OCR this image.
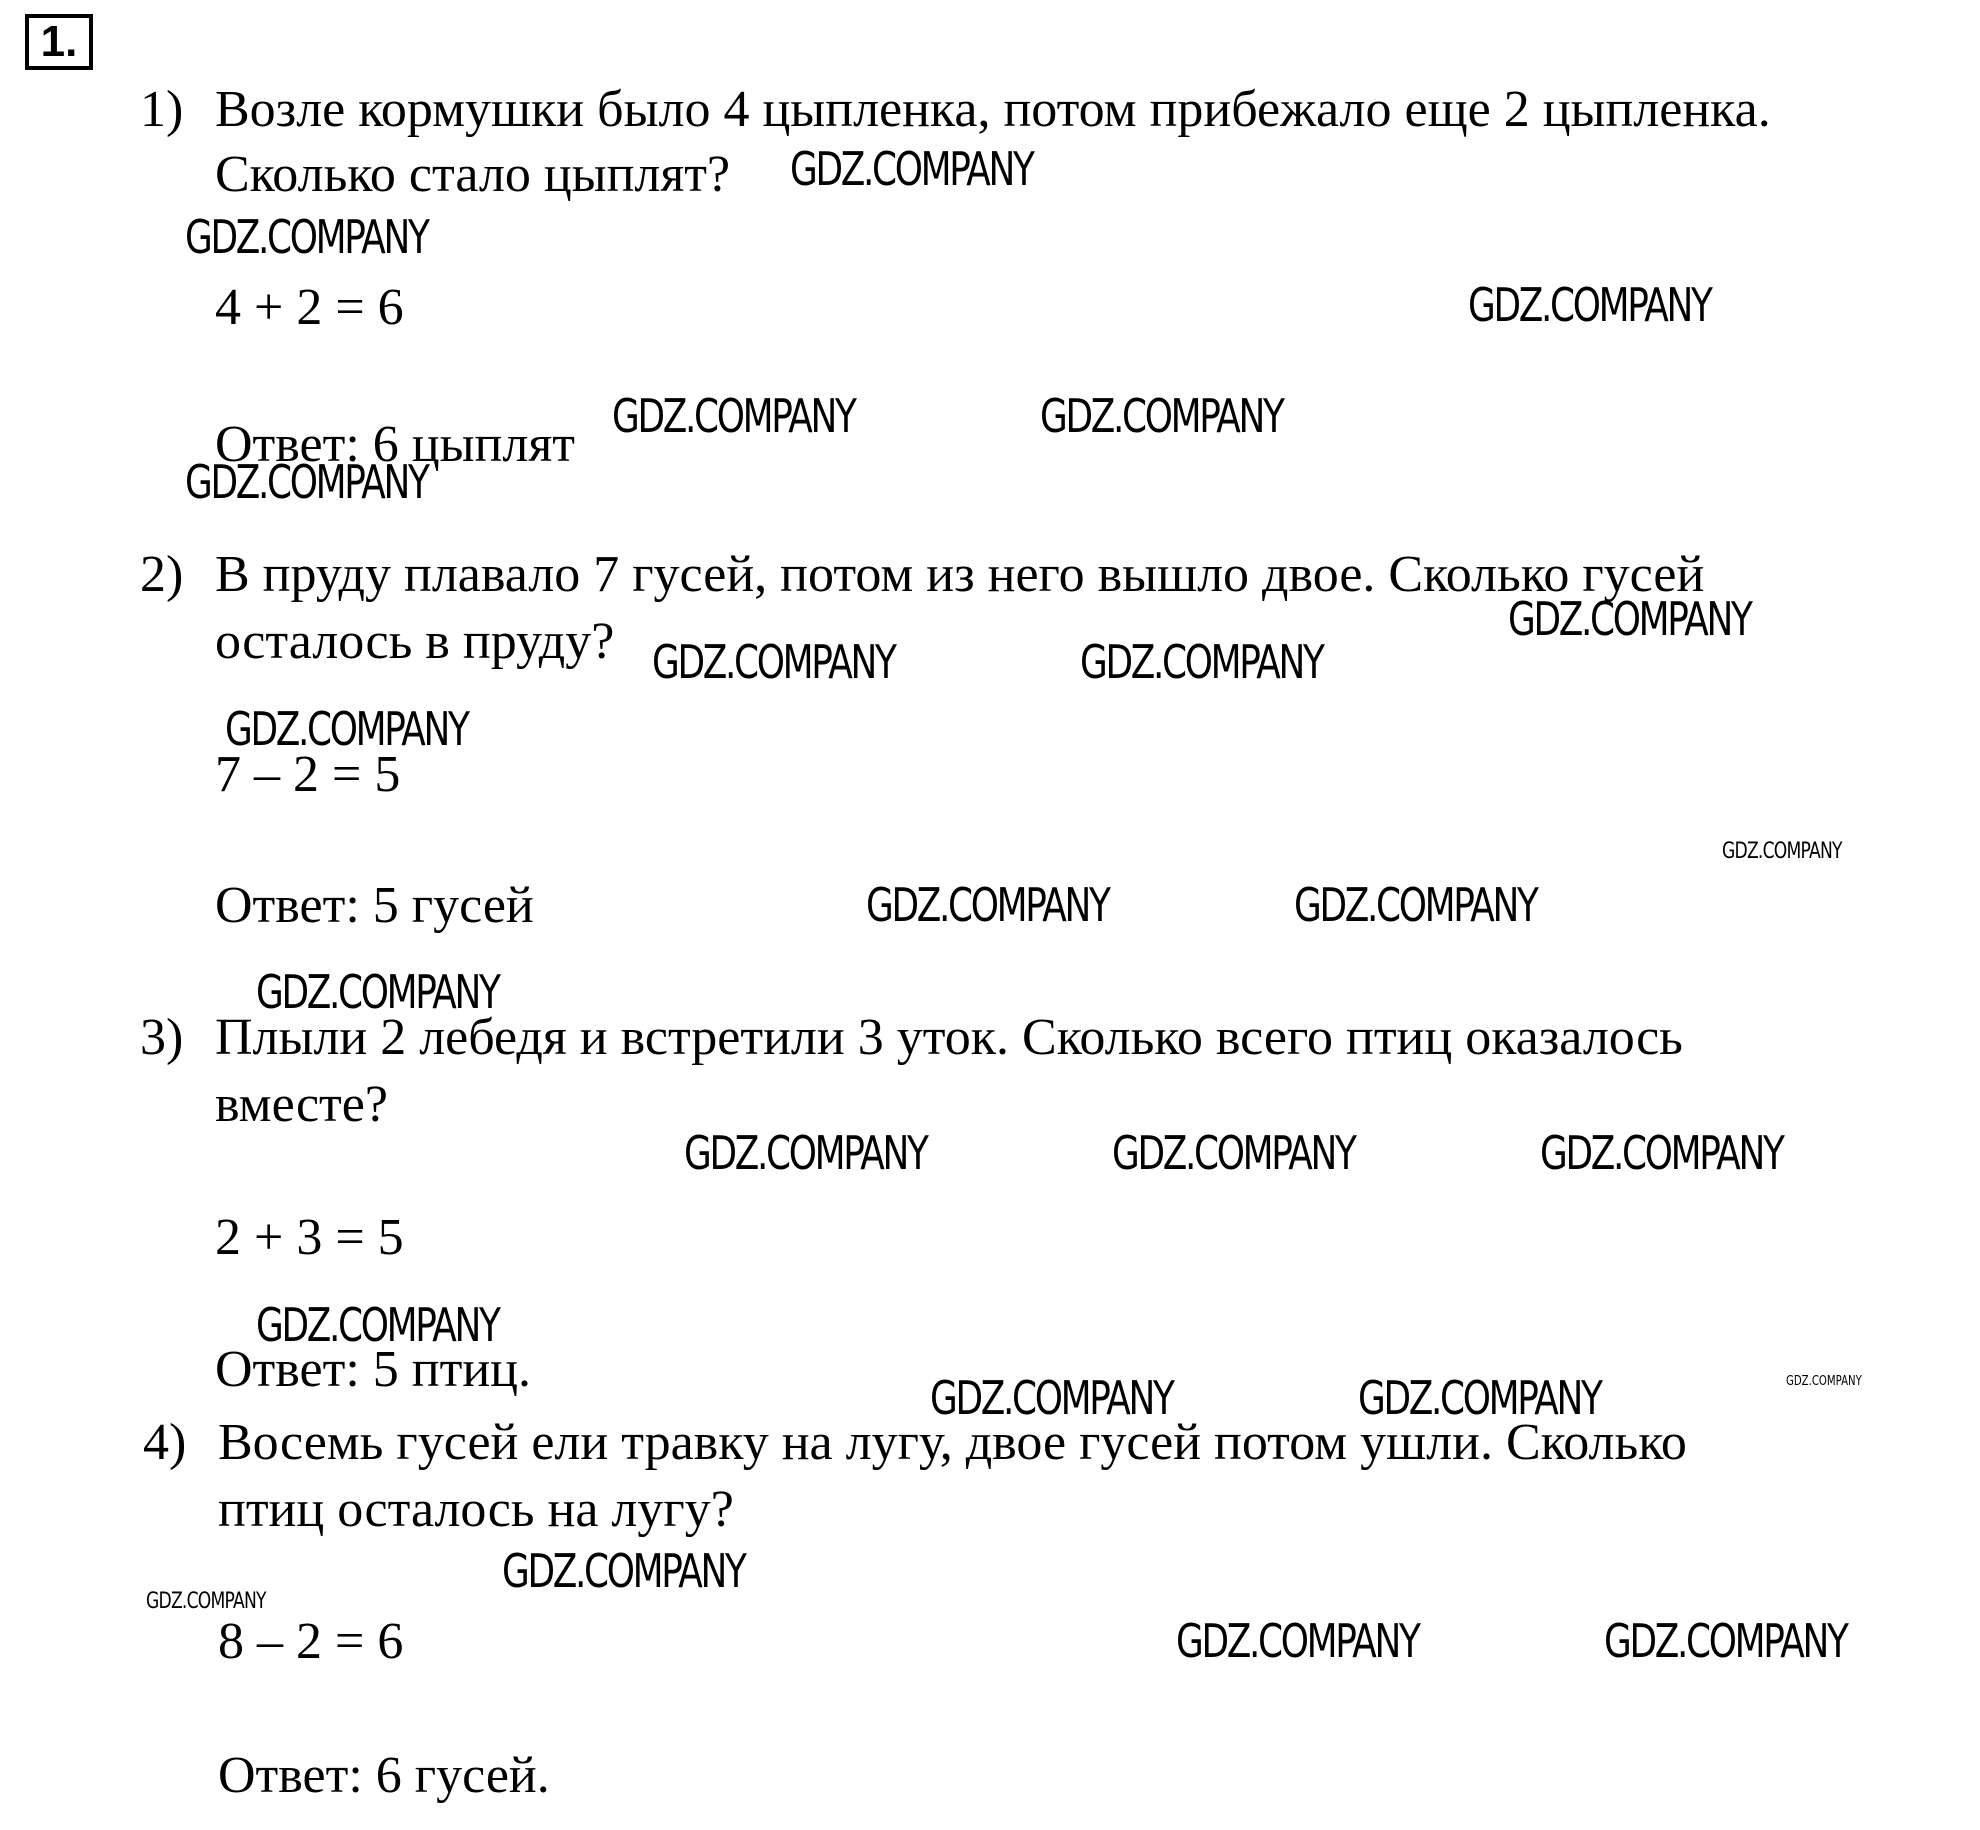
1.
1) Возле кормушки было 4 цыпленка, потом прибежало еще 2 цыпленка.
Сколько стало цыплят?
4 + 2 = 6
Ответ: 6 цыплят
2) В пруду плавало 7 гусей, потом из него вышло двое. Сколько гусей
осталось в пруду?
7 – 2 = 5
Ответ: 5 гусей
3) Плыли 2 лебедя и встретили 3 уток. Сколько всего птиц оказалось
вместе?
2 + 3 = 5
Ответ: 5 птиц.
4) Восемь гусей ели травку на лугу, двое гусей потом ушли. Сколько
птиц осталось на лугу?
8 – 2 = 6
Ответ: 6 гусей.
GDZ.COMPANY
GDZ.COMPANY
GDZ.COMPANY
GDZ.COMPANY	GDZ.COMPANY
GDZ.COMPANY
GDZ.COMPANY
GDZ.COMPANY	GDZ.COMPANY
GDZ.COMPANY
GDZ.COMPANY
GDZ.COMPANY	GDZ.COMPANY
GDZ.COMPANY
GDZ.COMPANY	GDZ.COMPANY	GDZ.COMPANY
GDZ.COMPANY
GDZ.COMPANY	GDZ.COMPANY	GDZ.COMPANY
GDZ.COMPANY
GDZ.COMPANY
GDZ.COMPANY	GDZ.COMPANY
